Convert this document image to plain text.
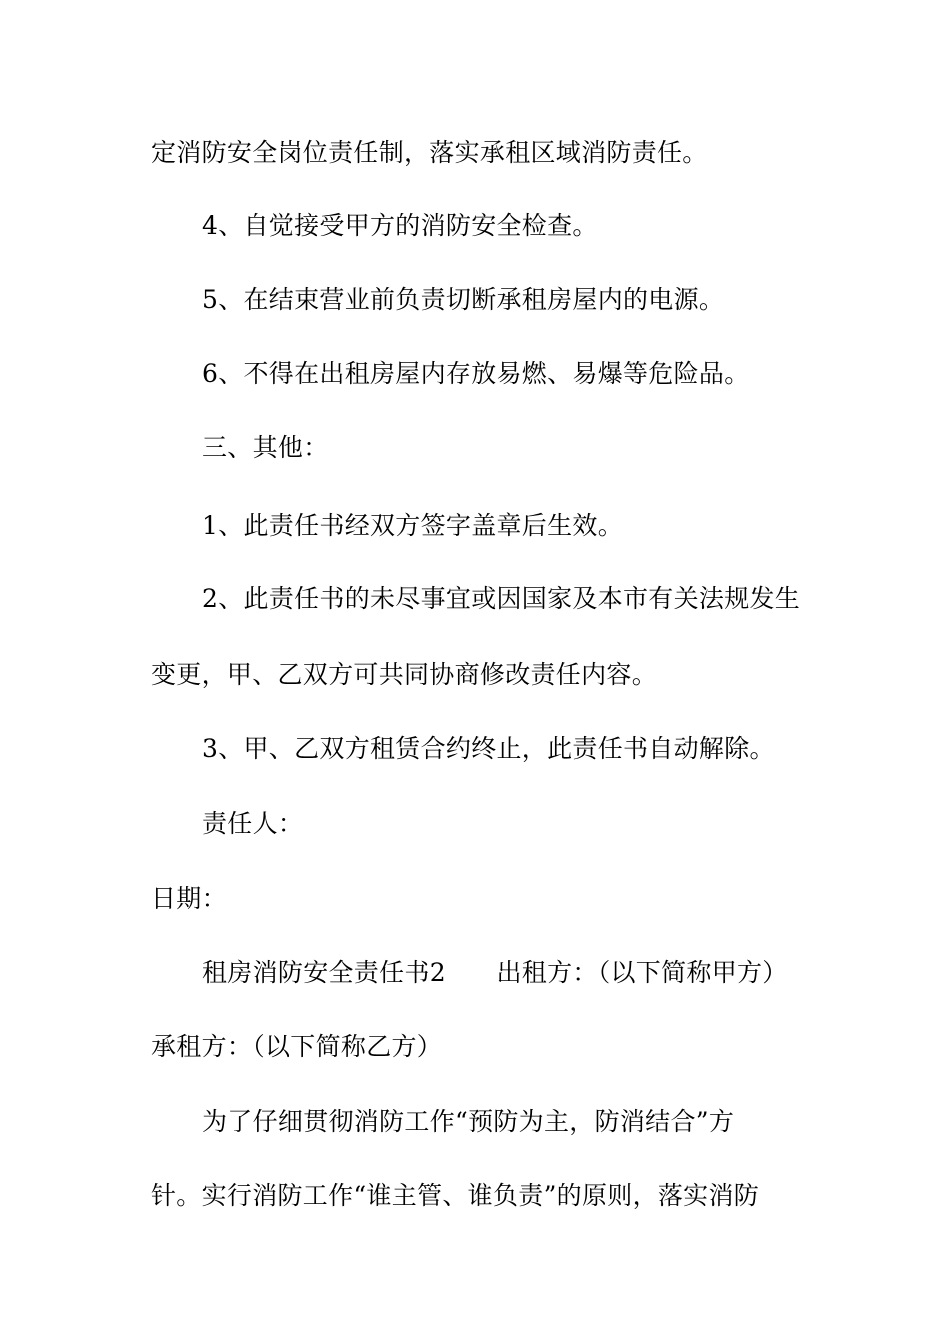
定消防安全岗位责任制，落实承租区域消防责任。
4、自觉接受甲方的消防安全检查。
5、在结束营业前负责切断承租房屋内的电源。
6、不得在出租房屋内存放易燃、易爆等危险品。
三、其他：
1、此责任书经双方签字盖章后生效。
2、此责任书的未尽事宜或因国家及本市有关法规发生
变更，甲、乙双方可共同协商修改责任内容。
3、甲、乙双方租赁合约终止，此责任书自动解除。
责任人：
日期：
租房消防安全责任书2　　出租方：（以下简称甲方）
承租方：（以下简称乙方）
为了仔细贯彻消防工作“预防为主，防消结合”方
针。实行消防工作“谁主管、谁负责”的原则，落实消防
